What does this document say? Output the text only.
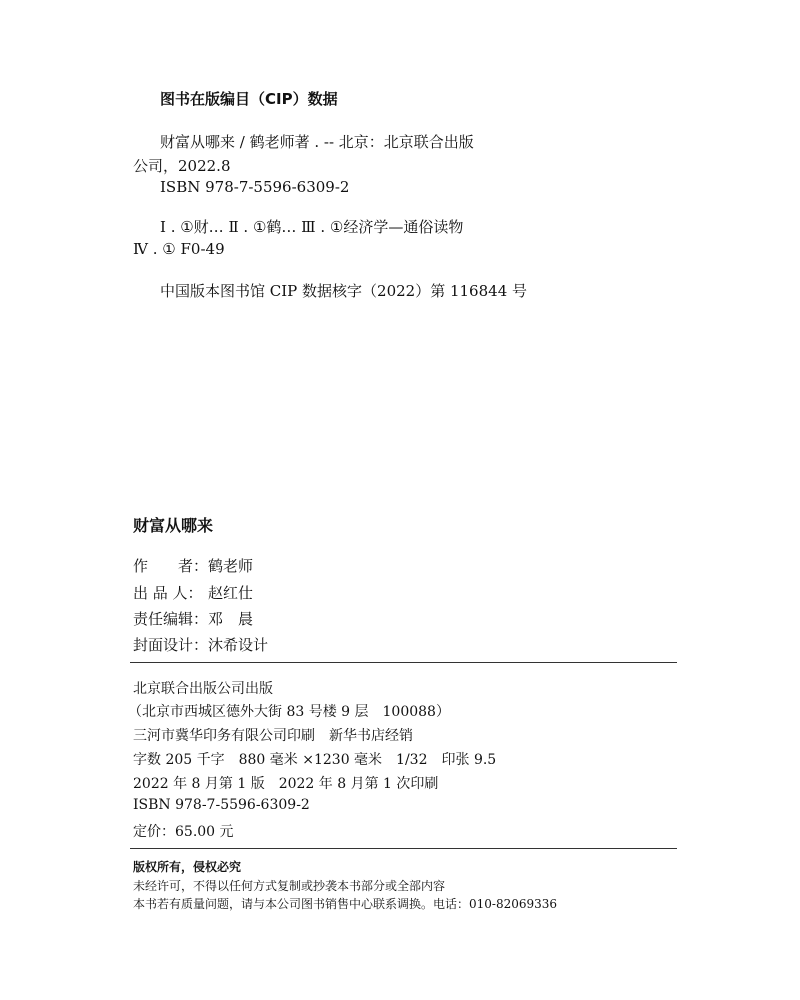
图书在版编目（CIP）数据
财富从哪来 / 鹤老师著 . -- 北京：北京联合出版
公司，2022.8
ISBN 978-7-5596-6309-2
Ⅰ . ①财… Ⅱ . ①鹤… Ⅲ . ①经济学—通俗读物
Ⅳ . ① F0-49
中国版本图书馆 CIP 数据核字（2022）第 116844 号
财富从哪来
作　　者：鹤老师
出 品 人： 赵红仕
责任编辑：邓　晨
封面设计：沐希设计
北京联合出版公司出版
（北京市西城区德外大街 83 号楼 9 层　100088）
三河市冀华印务有限公司印刷　新华书店经销
字数 205 千字　880 毫米 ×1230 毫米　1/32　印张 9.5
2022 年 8 月第 1 版　2022 年 8 月第 1 次印刷
ISBN 978-7-5596-6309-2
定价：65.00 元
版权所有，侵权必究
未经许可，不得以任何方式复制或抄袭本书部分或全部内容
本书若有质量问题，请与本公司图书销售中心联系调换。电话：010-82069336
